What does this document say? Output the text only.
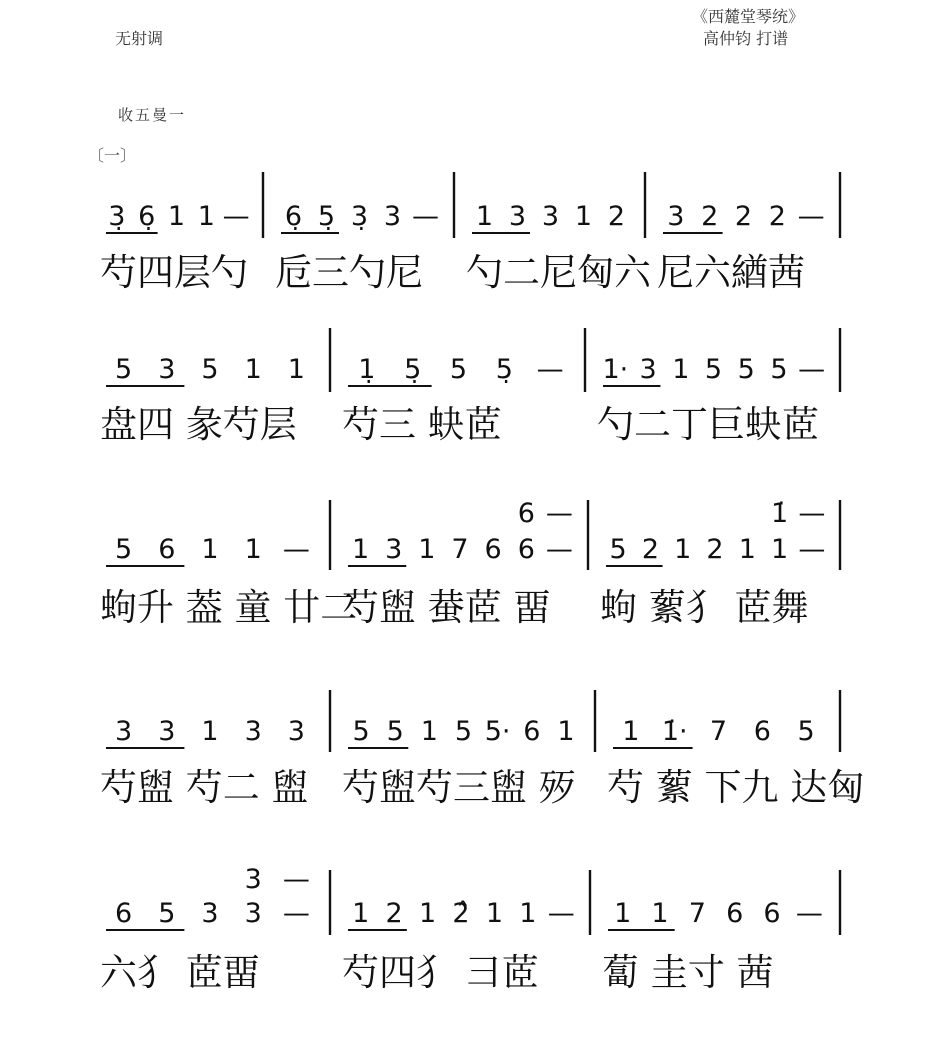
无射调
《西麓堂琴统》
高仲钧 打谱
收五曼一
〔一〕
3̣ 6̣ 1 1 — 6̣ 5̣ 3̣ 3 — 1 3 3 1 2 3 2 2 2 —
芍四层勺 卮三勺尼 勺二尼匈六 尼六緧茜
5 3 5 1 1 1̣ 5̣ 5 5̣ — 1· 3 1 5 5 5 —
盘四 彖芍层 芍三 蚗茝	勺二丁巨蚗茝
5 6 1 1 — 1 3 1 7 6 6 —
6 —
5 2 1 2 1 1 —
1̇ —
蚼升 葢 童 廿二
芍盥 蛬茝 畱 蚼 蕠犭 茝舞
3 3 1 3 3 5 5 1 5 5· 6 1 1 1̇· 7 6 5
芍盥 芍二 盥 芍盥芍三盥 㱛 芍 蕠 下九 达匈
6 5 3 3 —
3 —
1 2 1 2̂ 1 1 — 1 1 7 6 6 —
六犭 茝畱 芍四犭 彐茝 蔔 圭寸 茜
